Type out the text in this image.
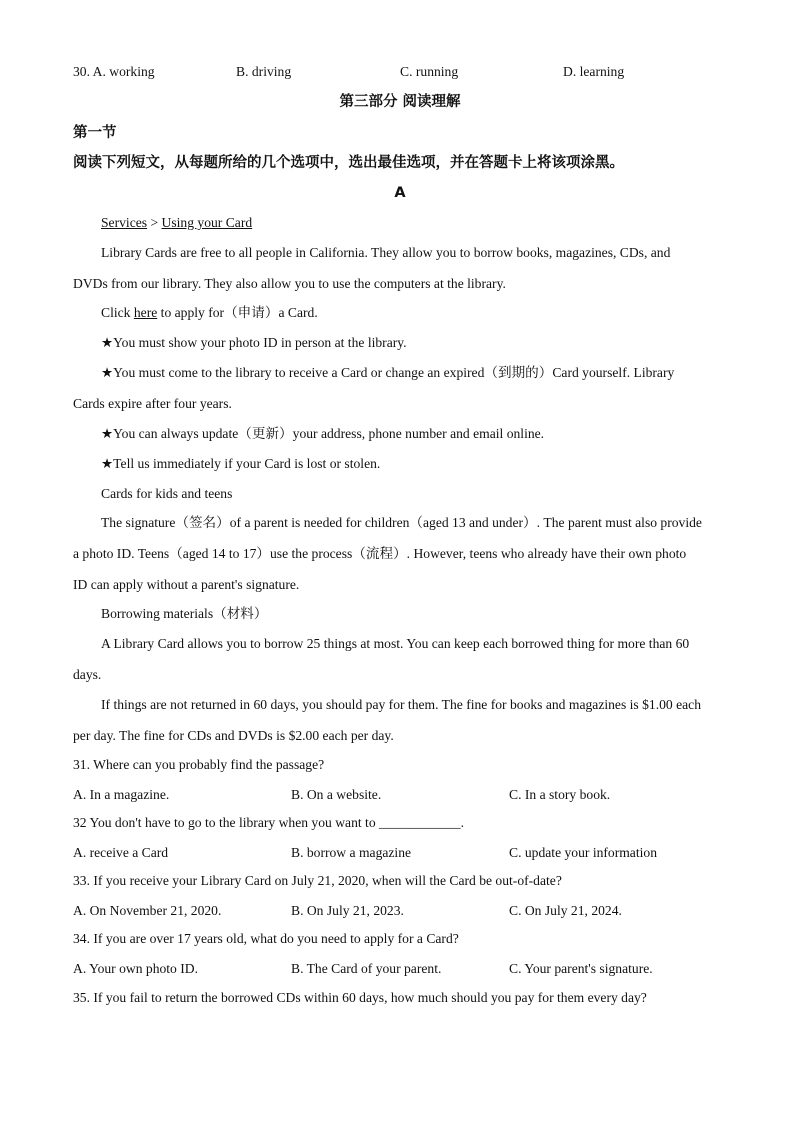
30. A. working	B. driving	C. running	D. learning
第三部分 阅读理解
第一节
阅读下列短文，从每题所给的几个选项中，选出最佳选项，并在答题卡上将该项涂黑。
A
Services > Using your Card
Library Cards are free to all people in California. They allow you to borrow books, magazines, CDs, and
DVDs from our library. They also allow you to use the computers at the library.
Click here to apply for（申请）a Card.
★You must show your photo ID in person at the library.
★You must come to the library to receive a Card or change an expired（到期的）Card yourself. Library
Cards expire after four years.
★You can always update（更新）your address, phone number and email online.
★Tell us immediately if your Card is lost or stolen.
Cards for kids and teens
The signature（签名）of a parent is needed for children（aged 13 and under）. The parent must also provide
a photo ID. Teens（aged 14 to 17）use the process（流程）. However, teens who already have their own photo
ID can apply without a parent's signature.
Borrowing materials（材料）
A Library Card allows you to borrow 25 things at most. You can keep each borrowed thing for more than 60
days.
If things are not returned in 60 days, you should pay for them. The fine for books and magazines is $1.00 each
per day. The fine for CDs and DVDs is $2.00 each per day.
31. Where can you probably find the passage?
A. In a magazine.	B. On a website.	C. In a story book.
32 You don't have to go to the library when you want to ____________.
A. receive a Card	B. borrow a magazine	C. update your information
33. If you receive your Library Card on July 21, 2020, when will the Card be out-of-date?
A. On November 21, 2020.	B. On July 21, 2023.	C. On July 21, 2024.
34. If you are over 17 years old, what do you need to apply for a Card?
A. Your own photo ID.	B. The Card of your parent.	C. Your parent's signature.
35. If you fail to return the borrowed CDs within 60 days, how much should you pay for them every day?
